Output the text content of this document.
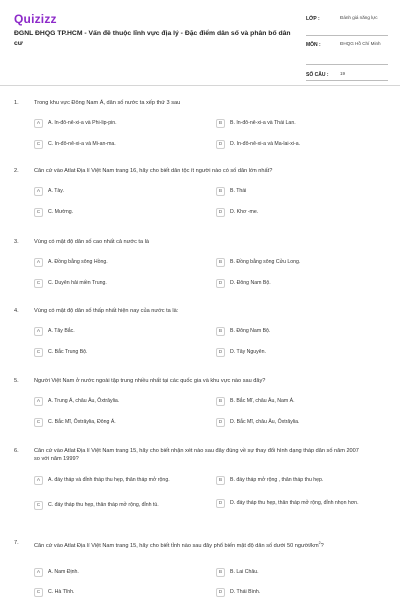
Quizizz
ĐGNL ĐHQG TP.HCM - Vấn đề thuộc lĩnh vực địa lý - Đặc điểm dân số và phân bố dân cư
LỚP :	Đánh giá năng lực
MÔN :	ĐHQG Hồ Chí Minh
SỐ CÂU :	19
1.	Trong khu vực Đông Nam Á, dân số nước ta xếp thứ 3 sau
A	A. In-đô-nê-xi-a và Phi-lip-pin.	B	B. In-đô-nê-xi-a và Thái Lan.
C	C. In-đô-nê-xi-a và Mi-an-ma.	D	D. In-đô-nê-xi-a và Ma-lai-xi-a.
2.	Căn cứ vào Atlat Địa lí Việt Nam trang 16, hãy cho biết dân tộc ít người nào có số dân lớn nhất?
A	A. Tày.	B	B. Thái
C	C. Mường.	D	D. Khơ -me.
3.	Vùng có mật độ dân số cao nhất cả nước ta là
A	A. Đồng bằng sông Hồng.	B	B. Đồng bằng sông Cửu Long.
C	C. Duyên hải miền Trung.	D	D. Đông Nam Bộ.
4.	Vùng có mật độ dân số thấp nhất hiện nay của nước ta là:
A	A. Tây Bắc.	B	B. Đông Nam Bộ.
C	C. Bắc Trung Bộ.	D	D. Tây Nguyên.
5.	Người Việt Nam ở nước ngoài tập trung nhiều nhất tại các quốc gia và khu vực nào sau đây?
A	A. Trung Á, châu Âu, Ôxtrâylia.	B	B. Bắc Mĩ, châu Âu, Nam Á.
C	C. Bắc Mĩ, Ôxtrâylia, Đông Á.	D	D. Bắc Mĩ, châu Âu, Ôxtrâylia.
6.	Căn cứ vào Atlat Địa lí Việt Nam trang 15, hãy cho biết nhận xét nào sau đây đúng về sự thay đổi hình dạng tháp dân số năm 2007 so với năm 1999?
A	A. đáy tháp và đỉnh tháp thu hẹp, thân tháp mở rộng.	B	B. đáy tháp mở rộng , thân tháp thu hẹp.
C	C. đáy tháp thu hẹp, thân tháp mở rộng, đỉnh tù.	D	D. đáy tháp thu hẹp, thân tháp mở rộng, đỉnh nhọn hơn.
7.	Căn cứ vào Atlat Địa lí Việt Nam trang 15, hãy cho biết tỉnh nào sau đây phổ biến mật độ dân số dưới 50 người/$km^2$?
A	A. Nam Định.	B	B. Lai Châu.
C	C. Hà Tĩnh.	D	D. Thái Bình.
